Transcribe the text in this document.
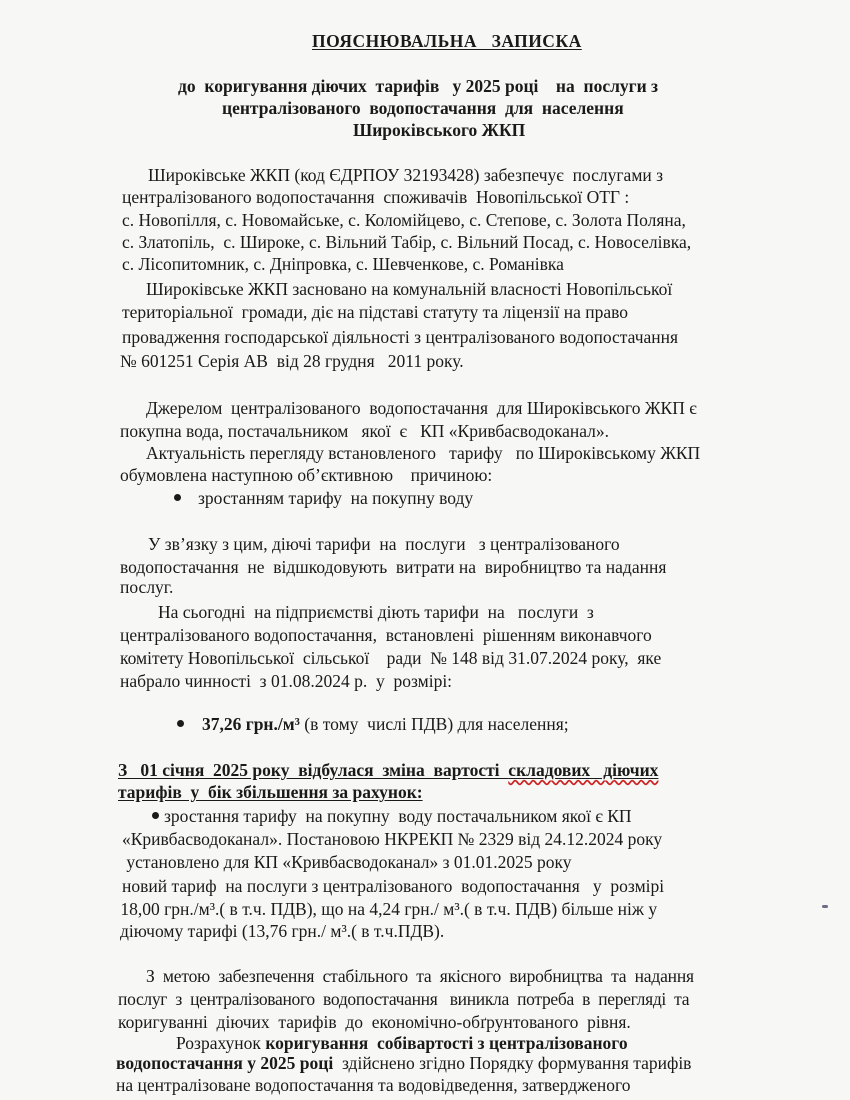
ПОЯСНЮВАЛЬНА   ЗАПИСКА
до  коригування діючих  тарифів   у 2025 році    на  послуги з
централізованого  водопостачання  для  населення
Широківського ЖКП
Широківське ЖКП (код ЄДРПОУ 32193428) забезпечує  послугами з
централізованого водопостачання  споживачів  Новопільської ОТГ :
с. Новопілля, с. Новомайське, с. Коломійцево, с. Степове, с. Золота Поляна,
с. Златопіль,  с. Широке, с. Вільний Табір, с. Вільний Посад, с. Новоселівка,
с. Лісопитомник, с. Дніпровка, с. Шевченкове, с. Романівка
Широківське ЖКП засновано на комунальній власності Новопільської
територіальної  громади, діє на підставі статуту та ліцензії на право
провадження господарської діяльності з централізованого водопостачання
№ 601251 Серія АВ  від 28 грудня   2011 року.
Джерелом  централізованого  водопостачання  для Широківського ЖКП є
покупна вода, постачальником   якої  є   КП «Кривбасводоканал».
Актуальність перегляду встановленого   тарифу   по Широківському ЖКП
обумовлена наступною об’єктивною    причиною:
зростанням тарифу  на покупну воду
У зв’язку з цим, діючі тарифи  на  послуги   з централізованого
водопостачання  не  відшкодовують  витрати на  виробництво та надання
послуг.
На сьогодні  на підприємстві діють тарифи  на   послуги  з
централізованого водопостачання,  встановлені  рішенням виконавчого
комітету Новопільської  сільської    ради  № 148 від 31.07.2024 року,  яке
набрало чинності  з 01.08.2024 р.  у  розмірі:
37,26 грн./м³ (в тому  числі ПДВ) для населення;
З   01 січня  2025 року  відбулася  зміна  вартості  складових   діючих
тарифів  у  бік збільшення за рахунок:
зростання тарифу  на покупну  воду постачальником якої є КП
«Кривбасводоканал». Постановою НКРЕКП № 2329 від 24.12.2024 року
установлено для КП «Кривбасводоканал» з 01.01.2025 року
новий тариф  на послуги з централізованого  водопостачання   у  розмірі
18,00 грн./м³.( в т.ч. ПДВ), що на 4,24 грн./ м³.( в т.ч. ПДВ) більше ніж у
діючому тарифі (13,76 грн./ м³.( в т.ч.ПДВ).
З  метою  забезпечення  стабільного  та  якісного  виробництва  та  надання
послуг  з  централізованого  водопостачання   виникла  потреба  в  перегляді  та
коригуванні  діючих  тарифів  до  економічно-обґрунтованого  рівня.
Розрахунок коригування  собівартості з централізованого
водопостачання у 2025 році  здійснено згідно Порядку формування тарифів
на централізоване водопостачання та водовідведення, затвердженого
